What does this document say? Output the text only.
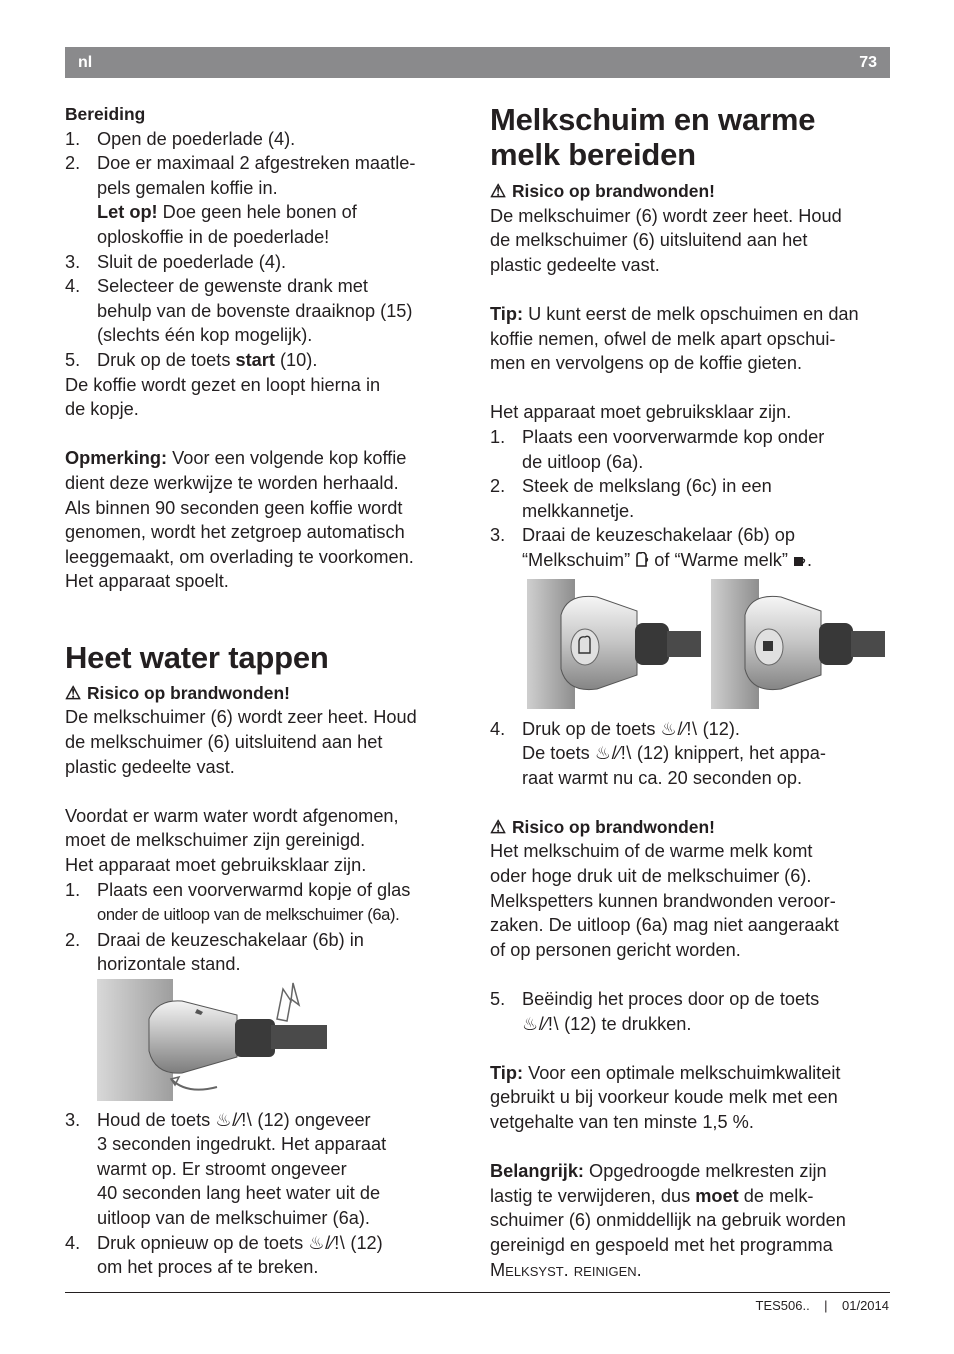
nl	73

Bereiding

1. Open de poederlade (4).
2. Doe er maximaal 2 afgestreken maatle-
pels gemalen koffie in.
Let op! Doe geen hele bonen of
oploskoffie in de poederlade!
3. Sluit de poederlade (4).
4. Selecteer de gewenste drank met
behulp van de bovenste draaiknop (15)
(slechts één kop mogelijk).
5. Druk op de toets start (10).

De koffie wordt gezet en loopt hierna in
de kopje.

Opmerking: Voor een volgende kop koffie
dient deze werkwijze te worden herhaald.
Als binnen 90 seconden geen koffie wordt
genomen, wordt het zetgroep automatisch
leeggemaakt, om overlading te voorkomen.
Het apparaat spoelt.

Heet water tappen

⚠ Risico op brandwonden!

De melkschuimer (6) wordt zeer heet. Houd
de melkschuimer (6) uitsluitend aan het
plastic gedeelte vast.

Voordat er warm water wordt afgenomen,
moet de melkschuimer zijn gereinigd.
Het apparaat moet gebruiksklaar zijn.

1. Plaats een voorverwarmd kopje of glas
onder de uitloop van de melkschuimer (6a).
2. Draai de keuzeschakelaar (6b) in
horizontale stand.
3. Houd de toets ♨/⁄!\ (12) ongeveer
3 seconden ingedrukt. Het apparaat
warmt op. Er stroomt ongeveer
40 seconden lang heet water uit de
uitloop van de melkschuimer (6a).
4. Druk opnieuw op de toets ♨/⁄!\ (12)
om het proces af te breken.
Melkschuim en warme
melk bereiden

⚠ Risico op brandwonden!

De melkschuimer (6) wordt zeer heet. Houd
de melkschuimer (6) uitsluitend aan het
plastic gedeelte vast.

Tip: U kunt eerst de melk opschuimen en dan
koffie nemen, ofwel de melk apart opschui-
men en vervolgens op de koffie gieten.

Het apparaat moet gebruiksklaar zijn.

1. Plaats een voorverwarmde kop onder
de uitloop (6a).
2. Steek de melkslang (6c) in een
melkkannetje.
3. Draai de keuzeschakelaar (6b) op
“Melkschuim”  of “Warme melk” .
4. Druk op de toets ♨/⁄!\ (12).
De toets ♨/⁄!\ (12) knippert, het appa-
raat warmt nu ca. 20 seconden op.

⚠ Risico op brandwonden!

Het melkschuim of de warme melk komt
oder hoge druk uit de melkschuimer (6).
Melkspetters kunnen brandwonden veroor-
zaken. De uitloop (6a) mag niet aangeraakt
of op personen gericht worden.

5. Beëindig het proces door op de toets
♨/⁄!\ (12) te drukken.

Tip: Voor een optimale melkschuimkwaliteit
gebruikt u bij voorkeur koude melk met een
vetgehalte van ten minste 1,5 %.

Belangrijk: Opgedroogde melkresten zijn
lastig te verwijderen, dus moet de melk-
schuimer (6) onmiddellijk na gebruik worden
gereinigd en gespoeld met het programma
Melksyst. reinigen.

TES506.. | 01/2014
